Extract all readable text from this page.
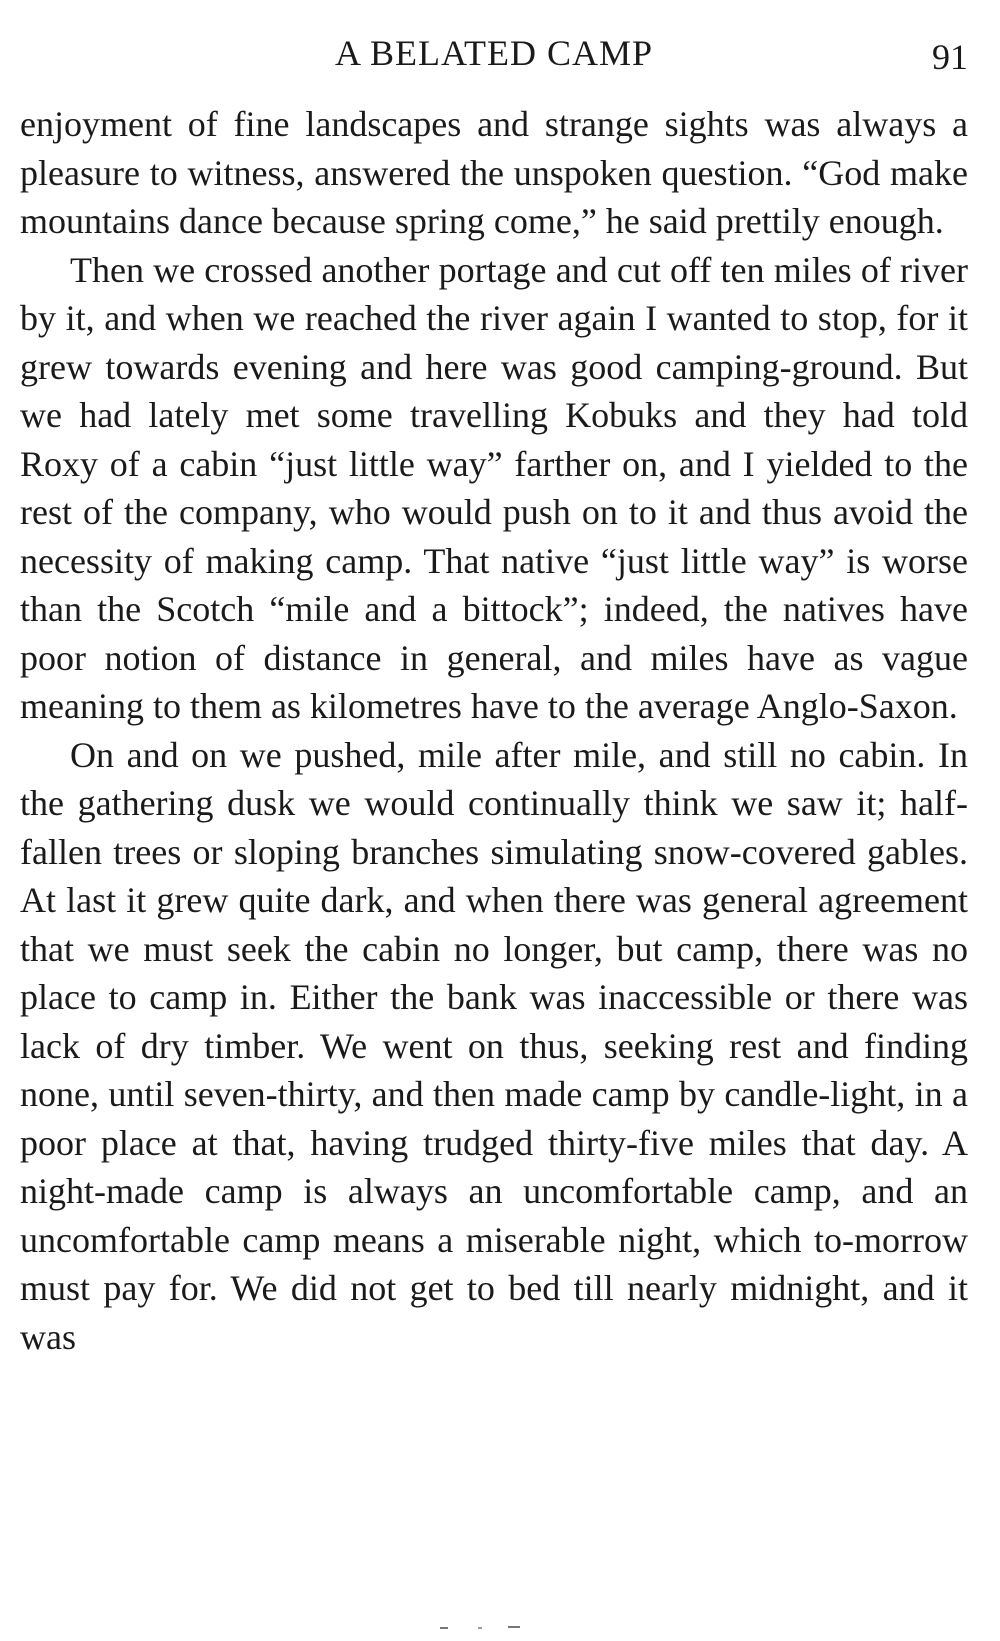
A BELATED CAMP	91

enjoyment of fine landscapes and strange sights was always a pleasure to witness, answered the unspoken question. “God make mountains dance because spring come,” he said prettily enough.

Then we crossed another portage and cut off ten miles of river by it, and when we reached the river again I wanted to stop, for it grew towards evening and here was good camping-ground. But we had lately met some travelling Kobuks and they had told Roxy of a cabin “just little way” farther on, and I yielded to the rest of the company, who would push on to it and thus avoid the necessity of making camp. That native “just little way” is worse than the Scotch “mile and a bittock”; indeed, the natives have poor notion of distance in general, and miles have as vague meaning to them as kilometres have to the average Anglo-Saxon.

On and on we pushed, mile after mile, and still no cabin. In the gathering dusk we would continually think we saw it; half-fallen trees or sloping branches simulating snow-covered gables. At last it grew quite dark, and when there was general agreement that we must seek the cabin no longer, but camp, there was no place to camp in. Either the bank was inaccessible or there was lack of dry timber. We went on thus, seeking rest and finding none, until seven-thirty, and then made camp by candle-light, in a poor place at that, having trudged thirty-five miles that day. A night-made camp is always an uncomfortable camp, and an uncomfortable camp means a miserable night, which to-morrow must pay for. We did not get to bed till nearly midnight, and it was
